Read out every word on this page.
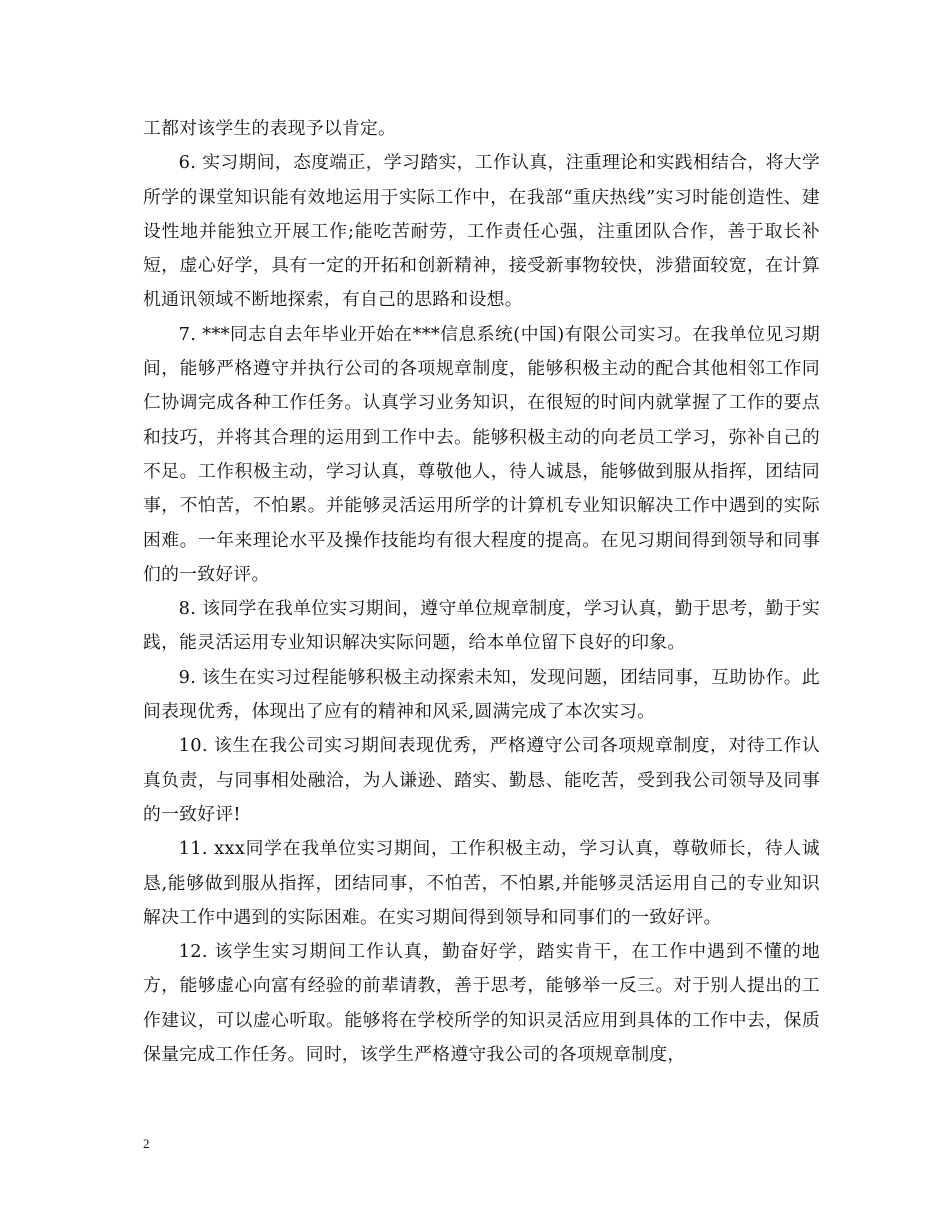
工都对该学生的表现予以肯定。

6. 实习期间，态度端正，学习踏实，工作认真，注重理论和实践相结合，将大学所学的课堂知识能有效地运用于实际工作中，在我部“重庆热线”实习时能创造性、建设性地并能独立开展工作;能吃苦耐劳，工作责任心强，注重团队合作，善于取长补短，虚心好学，具有一定的开拓和创新精神，接受新事物较快，涉猎面较宽，在计算机通讯领域不断地探索，有自己的思路和设想。

7. ***同志自去年毕业开始在***信息系统(中国)有限公司实习。在我单位见习期间，能够严格遵守并执行公司的各项规章制度，能够积极主动的配合其他相邻工作同仁协调完成各种工作任务。认真学习业务知识，在很短的时间内就掌握了工作的要点和技巧，并将其合理的运用到工作中去。能够积极主动的向老员工学习，弥补自己的不足。工作积极主动，学习认真，尊敬他人，待人诚恳，能够做到服从指挥，团结同事，不怕苦，不怕累。并能够灵活运用所学的计算机专业知识解决工作中遇到的实际困难。一年来理论水平及操作技能均有很大程度的提高。在见习期间得到领导和同事们的一致好评。

8. 该同学在我单位实习期间，遵守单位规章制度，学习认真，勤于思考，勤于实践，能灵活运用专业知识解决实际问题，给本单位留下良好的印象。

9. 该生在实习过程能够积极主动探索未知，发现问题，团结同事，互助协作。此间表现优秀，体现出了应有的精神和风采,圆满完成了本次实习。

10. 该生在我公司实习期间表现优秀，严格遵守公司各项规章制度，对待工作认真负责，与同事相处融洽，为人谦逊、踏实、勤恳、能吃苦，受到我公司领导及同事的一致好评!

11. xxx同学在我单位实习期间，工作积极主动，学习认真，尊敬师长，待人诚恳,能够做到服从指挥，团结同事，不怕苦，不怕累,并能够灵活运用自己的专业知识解决工作中遇到的实际困难。在实习期间得到领导和同事们的一致好评。

12. 该学生实习期间工作认真，勤奋好学，踏实肯干，在工作中遇到不懂的地方，能够虚心向富有经验的前辈请教，善于思考，能够举一反三。对于别人提出的工作建议，可以虚心听取。能够将在学校所学的知识灵活应用到具体的工作中去，保质保量完成工作任务。同时，该学生严格遵守我公司的各项规章制度，

2
